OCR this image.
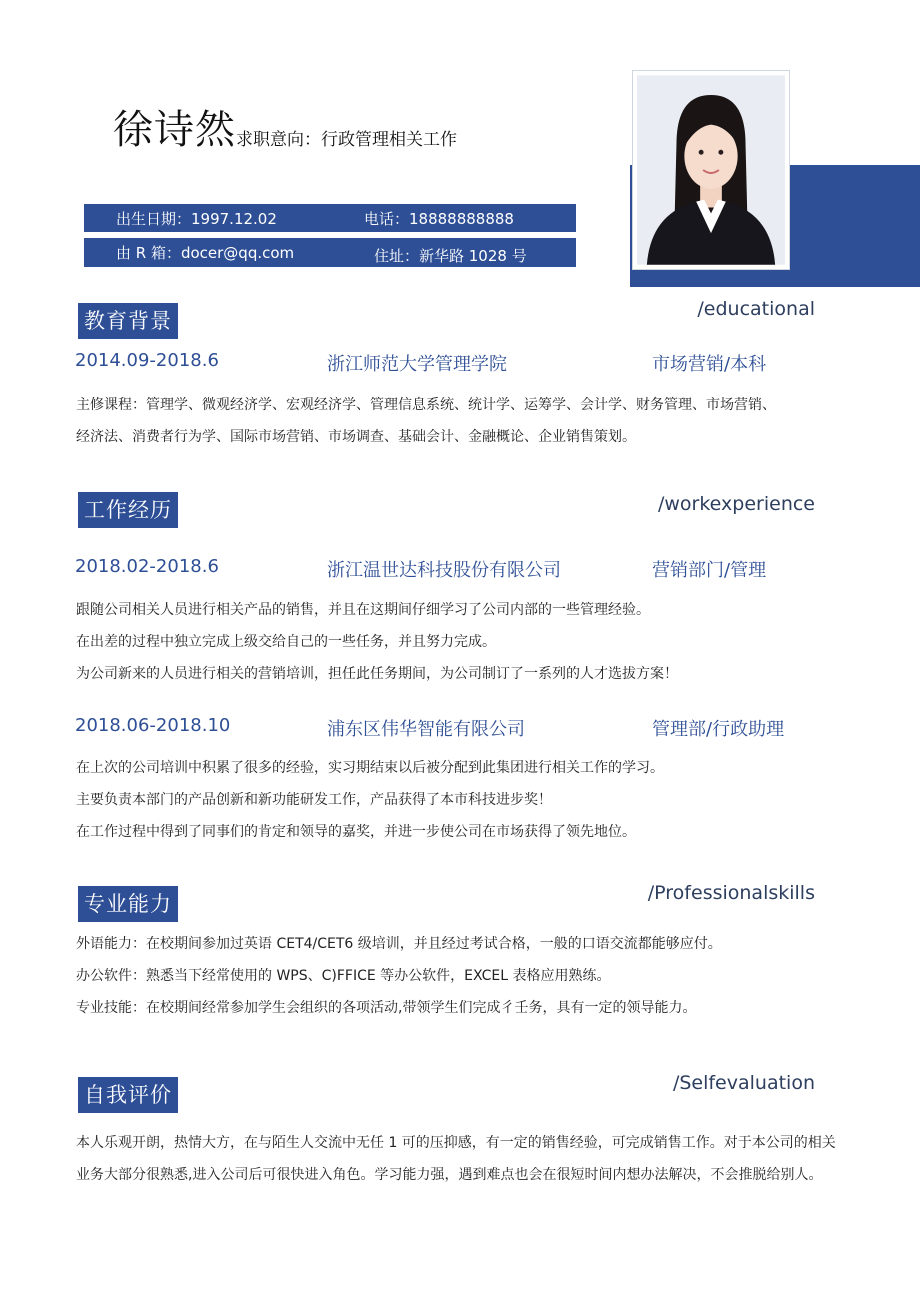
徐诗然 求职意向：行政管理相关工作
出生日期：1997.12.02	电话：18888888888
由 R 箱：docer@qq.com	住址：新华路 1028 号
教育背景	/educational
2014.09-2018.6	浙江师范大学管理学院	市场营销/本科
主修课程：管理学、微观经济学、宏观经济学、管理信息系统、统计学、运筹学、会计学、财务管理、市场营销、
经济法、消费者行为学、国际市场营销、市场调查、基础会计、金融概论、企业销售策划。
工作经历	/workexperience
2018.02-2018.6	浙江温世达科技股份有限公司	营销部门/管理
跟随公司相关人员进行相关产品的销售，并且在这期间仔细学习了公司内部的一些管理经验。
在出差的过程中独立完成上级交给自己的一些任务，并且努力完成。
为公司新来的人员进行相关的营销培训，担任此任务期间，为公司制订了一系列的人才选拔方案！
2018.06-2018.10	浦东区伟华智能有限公司	管理部/行政助理
在上次的公司培训中积累了很多的经验，实习期结束以后被分配到此集团进行相关工作的学习。
主要负责本部门的产品创新和新功能研发工作，产品获得了本市科技进步奖！
在工作过程中得到了同事们的肯定和领导的嘉奖，并进一步使公司在市场获得了领先地位。
专业能力	/Professionalskills
外语能力：在校期间参加过英语 CET4/CET6 级培训，并且经过考试合格，一般的口语交流都能够应付。
办公软件：熟悉当下经常使用的 WPS、C)FFICE 等办公软件，EXCEL 表格应用熟练。
专业技能：在校期间经常参加学生会组织的各项活动,带领学生们完成彳壬务，具有一定的领导能力。
自我评价	/Selfevaluation
本人乐观开朗，热情大方，在与陌生人交流中无任 1 可的压抑感，有一定的销售经验，可完成销售工作。对于本公司的相关业务大部分很熟悉,进入公司后可很快进入角色。学习能力强，遇到难点也会在很短时间内想办法解决，不会推脱给别人。
